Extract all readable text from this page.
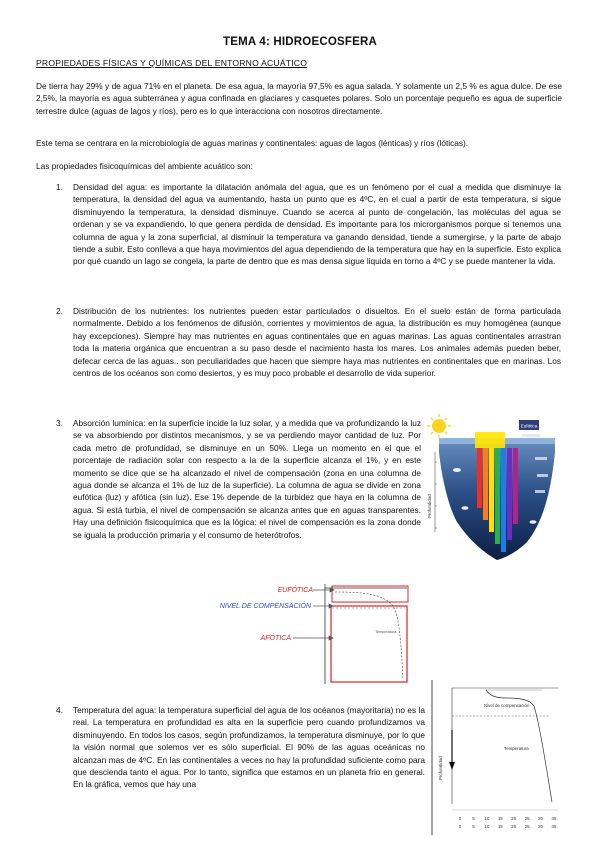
TEMA 4: HIDROECOSFERA

PROPIEDADES FÍSICAS Y QUÍMICAS DEL ENTORNO ACUÁTICO

De tierra hay 29% y de agua 71% en el planeta. De esa agua, la mayoría 97,5% es agua salada. Y solamente un 2,5 % es agua dulce. De ese 2,5%, la mayoría es agua subterránea y agua confinada en glaciares y casquetes polares. Solo un porcentaje pequeño es agua de superficie terrestre dulce (aguas de lagos y ríos), pero es lo que interacciona con nosotros directamente.

Este tema se centrara en la microbiología de aguas marinas y continentales: aguas de lagos (lénticas) y ríos (lóticas).

Las propiedades fisicoquímicas del ambiente acuático son:

1. Densidad del agua: es importante la dilatación anómala del agua, que es un fenómeno por el cual a medida que disminuye la temperatura, la densidad del agua va aumentando, hasta un punto que es 4ºC, en el cual a partir de esta temperatura, si sigue disminuyendo la temperatura, la densidad disminuye. Cuando se acerca al punto de congelación, las moléculas del agua se ordenan y se va expandiendo, lo que genera perdida de densidad. Es importante para los microrganismos porque si tenemos una columna de agua y la zona superficial, al disminuir la temperatura va ganando densidad, tiende a sumergirse, y la parte de abajo tiende a subir. Esto conlleva a que haya movimientos del agua dependiendo de la temperatura que hay en la superficie. Esto explica por qué cuando un lago se congela, la parte de dentro que es mas densa sigue liquida en torno a 4ºC y se puede mantener la vida.

2. Distribución de los nutrientes: los nutrientes pueden estar particulados o disueltos. En el suelo están de forma particulada normalmente. Debido a los fenómenos de difusión, corrientes y movimientos de agua, la distribución es muy homogénea (aunque hay excepciones). Siempre hay mas nutrientes en aguas continentales que en aguas marinas. Las aguas continentales arrastran toda la materia orgánica que encuentran a su paso desde el nacimiento hasta los mares. Los animales además pueden beber, defecar cerca de las aguas.. son peculiaridades que hacen que siempre haya mas nutrientes en continentales que en marinas. Los centros de los océanos son como desiertos, y es muy poco probable el desarrollo de vida superior.

3. Absorción lumínica: en la superficie incide la luz solar, y a medida que va profundizando la luz se va absorbiendo por distintos mecanismos, y se va perdiendo mayor cantidad de luz. Por cada metro de profundidad, se disminuye en un 50%. Llega un momento en el que el porcentaje de radiación solar con respecto a la de la superficie alcanza el 1%, y en este momento se dice que se ha alcanzado el nivel de compensación (zona en una columna de agua donde se alcanza el 1% de luz de la superficie). La columna de agua se divide en zona eufótica (luz) y afótica (sin luz). Ese 1% depende de la turbidez que haya en la columna de agua. Si está turbia, el nivel de compensación se alcanza antes que en aguas transparentes. Hay una definición fisicoquímica que es la lógica: el nivel de compensación es la zona donde se iguala la producción primaria y el consumo de heterótrofos.

Eufótica
Profundidad
EUFÓTICA
NIVEL DE COMPENSACIÓN
AFÓTICA
Temperatura
4. Temperatura del agua: la temperatura superficial del agua de los océanos (mayoritaria) no es la real. La temperatura en profundidad es alta en la superficie pero cuando profundizamos va disminuyendo. En todos los casos, según profundizamos, la temperatura disminuye, por lo que la visión normal que solemos ver es sólo superficial. El 90% de las aguas oceánicas no alcanzan mas de 4ºC. En las continentales a veces no hay la profundidad suficiente como para que descienda tanto el agua. Por lo tanto, significa que estamos en un planeta frio en general. En la gráfica, vemos que hay una

Nivel de compensación
Temperatura
Profundidad
0
0
5
5
10
10
15
15
20
20
25
25
30
30
35
35
